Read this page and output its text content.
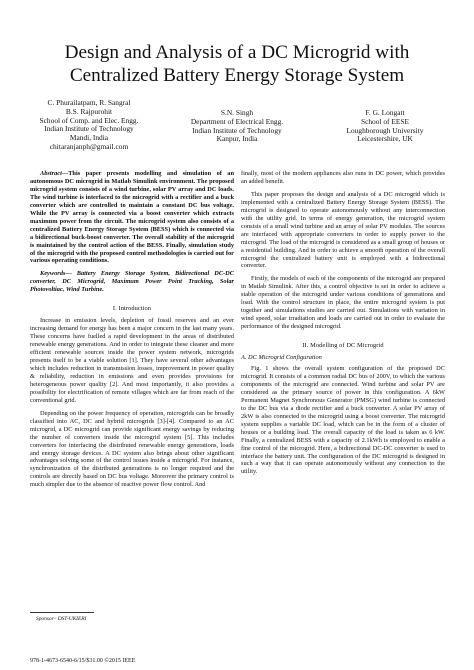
Design and Analysis of a DC Microgrid with Centralized Battery Energy Storage System
C. Phurailatpam, R. Sangral
B.S. Rajpurohit
School of Comp. and Elec. Engg.
Indian Institute of Technology
Mandi, India
chitaranjanph@gmail.com
S.N. Singh
Department of Electrical Engg.
Indian Institute of Technology
Kanpur, India
F. G. Longatt
School of EESE
Loughborough University
Leicestershire, UK

Abstract—This paper presents modelling and simulation of an autonomous DC microgrid in Matlab Simulink environment. The proposed microgrid system consists of a wind turbine, solar PV array and DC loads. The wind turbine is interfaced to the microgrid with a rectifier and a buck converter which are controlled to maintain a constant DC bus voltage. While the PV array is connected via a boost converter which extracts maximum power from the circuit. The microgrid system also consists of a centralized Battery Energy Storage System (BESS) which is connected via a bidirectional buck-boost converter. The overall stability of the microgrid is maintained by the control action of the BESS. Finally, simulation study of the microgrid with the proposed control methodologies is carried out for various operating conditions.

Keywords— Battery Energy Storage System, Bidirectional DC-DC converter, DC Microgrid, Maximum Power Point Tracking, Solar Photovoltiac, Wind Turbine.

I. Introduction

Increase in emission levels, depletion of fossil reserves and an ever increasing demand for energy has been a major concern in the last many years. These concerns have fuelled a rapid development in the areas of distributed renewable energy generations. And in order to integrate these cleaner and more efficient renewable sources inside the power system network, microgrids presents itself to be a viable solution [1]. They have several other advantages which includes reduction in transmission losses, improvement in power quality & reliability, reduction in emissions and even provides provisions for heterogeneous power quality [2]. And most importantly, it also provides a possibility for electrification of remote villages which are far from reach of the conventional grid.

Depending on the power frequency of operation, microgrids can be broadly classified into AC, DC and hybrid microgrids [3]-[4]. Compared to an AC microgrid, a DC microgrid can provide significant energy savings by reducing the number of converters inside the microgrid system [5]. This includes converters for interfacing the distributed renewable energy generations, loads and energy storage devices. A DC system also brings about other significant advantages solving some of the control issues inside a microgrid. For instance, synchronization of the distributed generations is no longer required and the controls are directly based on DC bus voltage. Moreover the primary control is much simpler due to the absence of reactive power flow control. And

finally, most of the modern appliances also runs in DC power, which provides an added benefit.

This paper proposes the design and analysis of a DC microgrid which is implemented with a centralized Battery Energy Storage System (BESS). The microgrid is designed to operate autonomously without any interconnection with the utility grid. In terms of energy generation, the microgrid system consists of a small wind turbine and an array of solar PV modules. The sources are interfaced with appropriate converters in order to supply power to the microgrid. The load of the microgrid is considered as a small group of houses or a residential building. And in order to achieve a smooth operation of the overall microgrid the centralized battery unit is employed with a bidirectional converter.

Firstly, the models of each of the components of the microgrid are prepared in Matlab Simulink. After this, a control objective is set in order to achieve a stable operation of the microgrid under various conditions of generations and load. With the control structure in place, the entire microgrid system is put together and simulations studies are carried out. Simulations with variation in wind speed, solar irradiation and loads are carried out in order to evaluate the performance of the designed microgrid.

II. Modelling of DC Microgrid
A. DC Microgrid Configuration

Fig. 1 shows the overall system configuration of the proposed DC microgrid. It consists of a common radial DC bus of 200V, to which the various components of the microgrid are connected. Wind turbine and solar PV are considered as the primary source of power in this configuration. A 6kW Permanent Magnet Synchronous Generator (PMSG) wind turbine is connected to the DC bus via a diode rectifier and a buck converter. A solar PV array of 2kW is also connected to the microgrid using a boost converter. The microgrid system supplies a variable DC load, which can be in the form of a cluster of houses or a building load. The overall capacity of the load is taken as 6 kW. Finally, a centralized BESS with a capacity of 2.1kWh is employed to enable a fine control of the microgrid. Here, a bidirectional DC-DC converter is used to interface the battery unit. The configuration of the DC microgrid is designed in such a way that it can operate autonomously without any connection to the utility.

Sponsor– DST-UKIERI
978-1-4673-6540-6/15/$31.00 ©2015 IEEE
